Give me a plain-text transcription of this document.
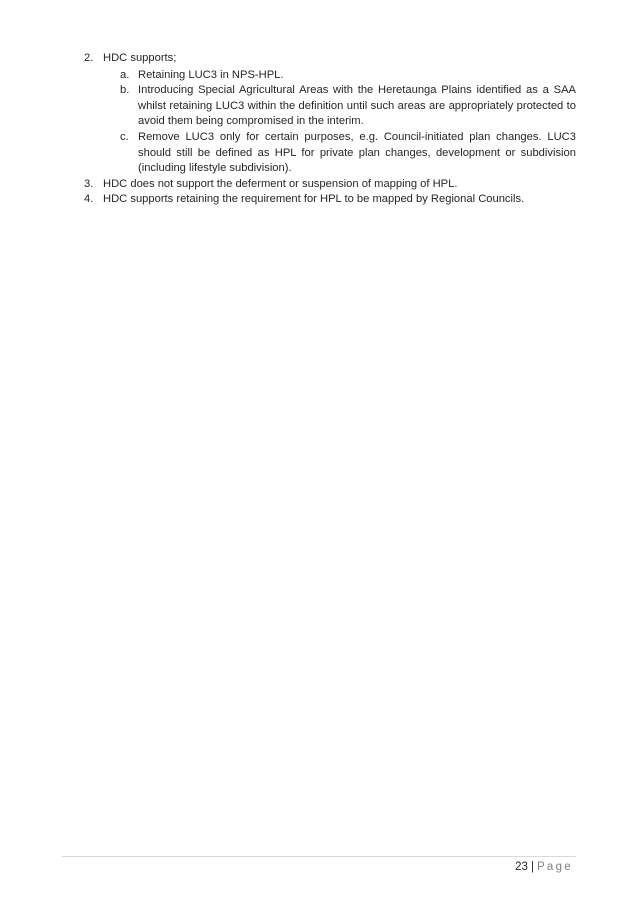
2. HDC supports;
a. Retaining LUC3 in NPS-HPL.
b. Introducing Special Agricultural Areas with the Heretaunga Plains identified as a SAA whilst retaining LUC3 within the definition until such areas are appropriately protected to avoid them being compromised in the interim.
c. Remove LUC3 only for certain purposes, e.g. Council-initiated plan changes. LUC3 should still be defined as HPL for private plan changes, development or subdivision (including lifestyle subdivision).
3. HDC does not support the deferment or suspension of mapping of HPL.
4. HDC supports retaining the requirement for HPL to be mapped by Regional Councils.
23 | Page
